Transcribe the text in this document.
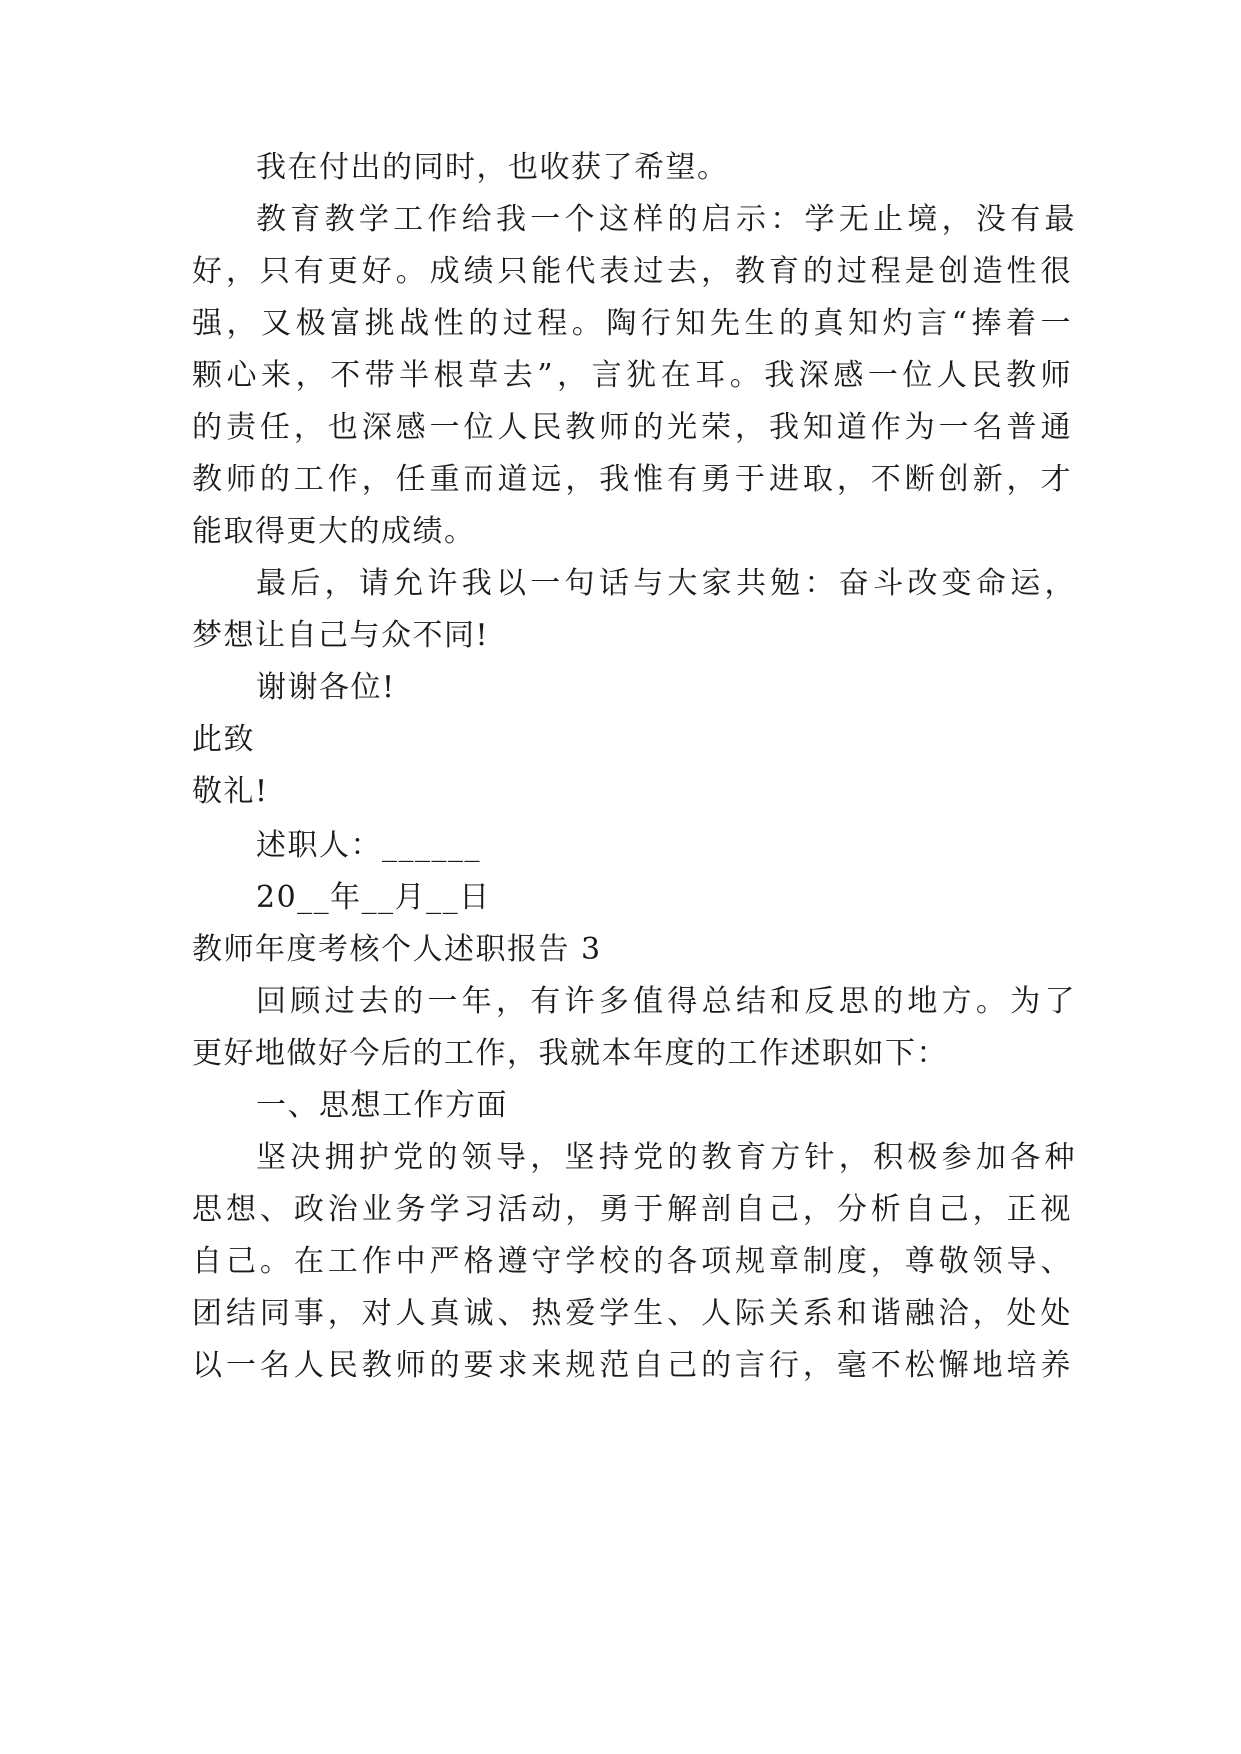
我在付出的同时，也收获了希望。
教育教学工作给我一个这样的启示：学无止境，没有最
好，只有更好。成绩只能代表过去，教育的过程是创造性很
强，又极富挑战性的过程。陶行知先生的真知灼言“捧着一
颗心来，不带半根草去”，言犹在耳。我深感一位人民教师
的责任，也深感一位人民教师的光荣，我知道作为一名普通
教师的工作，任重而道远，我惟有勇于进取，不断创新，才
能取得更大的成绩。
最后，请允许我以一句话与大家共勉：奋斗改变命运，
梦想让自己与众不同!
谢谢各位!
此致
敬礼!
述职人：______
20__年__月__日
教师年度考核个人述职报告 3
回顾过去的一年，有许多值得总结和反思的地方。为了
更好地做好今后的工作，我就本年度的工作述职如下：
一、思想工作方面
坚决拥护党的领导，坚持党的教育方针，积极参加各种
思想、政治业务学习活动，勇于解剖自己，分析自己，正视
自己。在工作中严格遵守学校的各项规章制度，尊敬领导、
团结同事，对人真诚、热爱学生、人际关系和谐融洽，处处
以一名人民教师的要求来规范自己的言行，毫不松懈地培养
